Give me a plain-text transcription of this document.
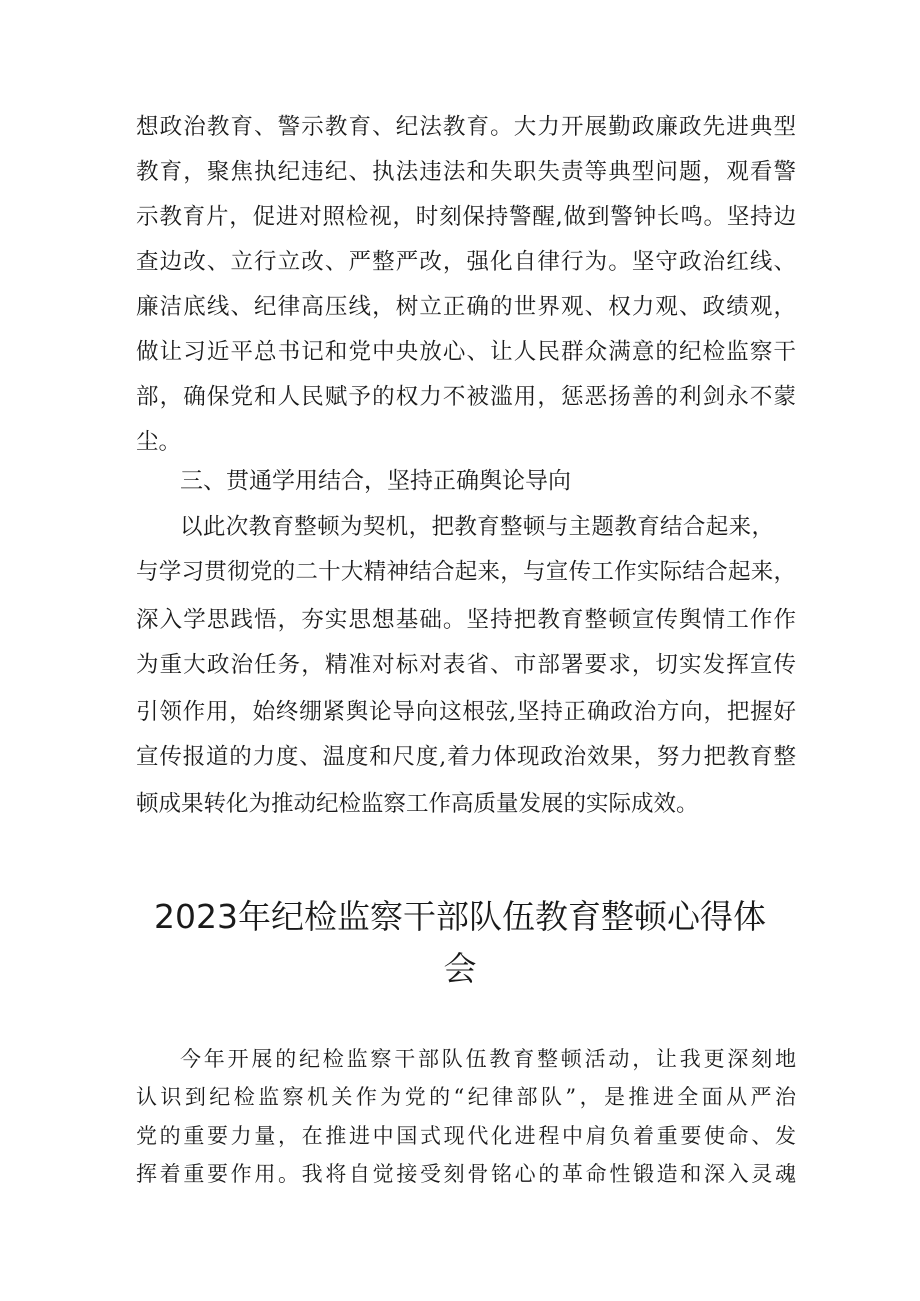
想政治教育、警示教育、纪法教育。大力开展勤政廉政先进典型
教育，聚焦执纪违纪、执法违法和失职失责等典型问题，观看警
示教育片，促进对照检视，时刻保持警醒,做到警钟长鸣。坚持边
查边改、立行立改、严整严改，强化自律行为。坚守政治红线、
廉洁底线、纪律高压线，树立正确的世界观、权力观、政绩观，
做让习近平总书记和党中央放心、让人民群众满意的纪检监察干
部，确保党和人民赋予的权力不被滥用，惩恶扬善的利剑永不蒙
尘。
三、贯通学用结合，坚持正确舆论导向
以此次教育整顿为契机，把教育整顿与主题教育结合起来，
与学习贯彻党的二十大精神结合起来，与宣传工作实际结合起来，
深入学思践悟，夯实思想基础。坚持把教育整顿宣传舆情工作作
为重大政治任务，精准对标对表省、市部署要求，切实发挥宣传
引领作用，始终绷紧舆论导向这根弦,坚持正确政治方向，把握好
宣传报道的力度、温度和尺度,着力体现政治效果，努力把教育整
顿成果转化为推动纪检监察工作高质量发展的实际成效。
2023年纪检监察干部队伍教育整顿心得体
会
今年开展的纪检监察干部队伍教育整顿活动，让我更深刻地
认识到纪检监察机关作为党的“纪律部队”，是推进全面从严治
党的重要力量，在推进中国式现代化进程中肩负着重要使命、发
挥着重要作用。我将自觉接受刻骨铭心的革命性锻造和深入灵魂
